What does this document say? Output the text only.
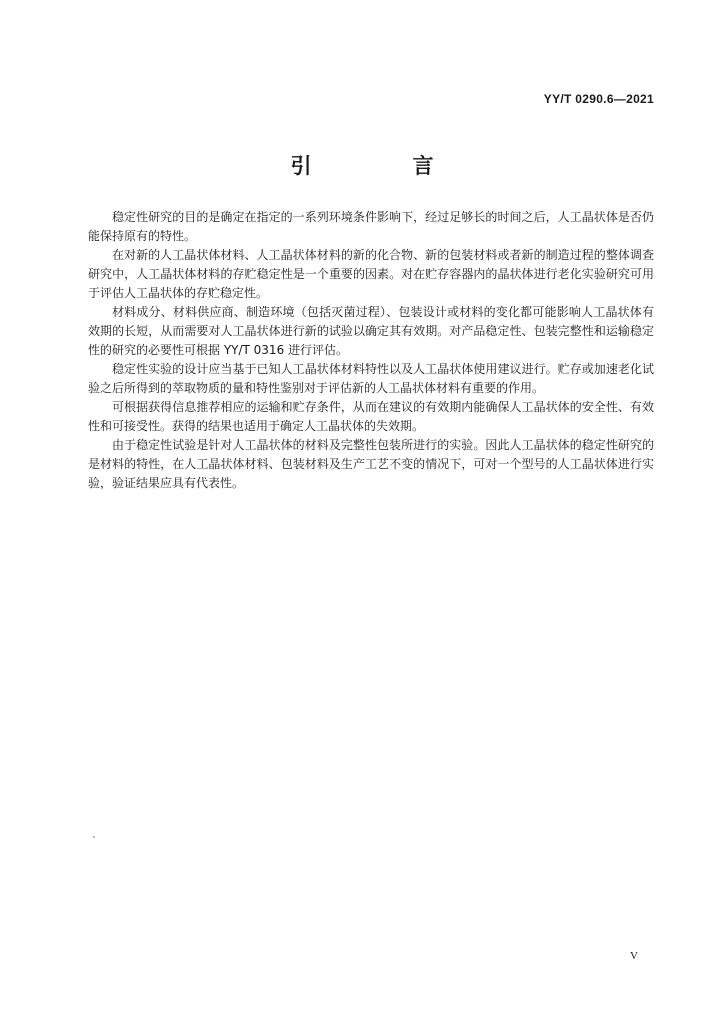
YY/T 0290.6—2021
引　言

稳定性研究的目的是确定在指定的一系列环境条件影响下，经过足够长的时间之后，人工晶状体是否仍能保持原有的特性。

在对新的人工晶状体材料、人工晶状体材料的新的化合物、新的包装材料或者新的制造过程的整体调查研究中，人工晶状体材料的存贮稳定性是一个重要的因素。对在贮存容器内的晶状体进行老化实验研究可用于评估人工晶状体的存贮稳定性。

材料成分、材料供应商、制造环境（包括灭菌过程）、包装设计或材料的变化都可能影响人工晶状体有效期的长短，从而需要对人工晶状体进行新的试验以确定其有效期。对产品稳定性、包装完整性和运输稳定性的研究的必要性可根据 YY/T 0316 进行评估。

稳定性实验的设计应当基于已知人工晶状体材料特性以及人工晶状体使用建议进行。贮存或加速老化试验之后所得到的萃取物质的量和特性鉴别对于评估新的人工晶状体材料有重要的作用。

可根据获得信息推荐相应的运输和贮存条件，从而在建议的有效期内能确保人工晶状体的安全性、有效性和可接受性。获得的结果也适用于确定人工晶状体的失效期。

由于稳定性试验是针对人工晶状体的材料及完整性包装所进行的实验。因此人工晶状体的稳定性研究的是材料的特性，在人工晶状体材料、包装材料及生产工艺不变的情况下，可对一个型号的人工晶状体进行实验，验证结果应具有代表性。

V
